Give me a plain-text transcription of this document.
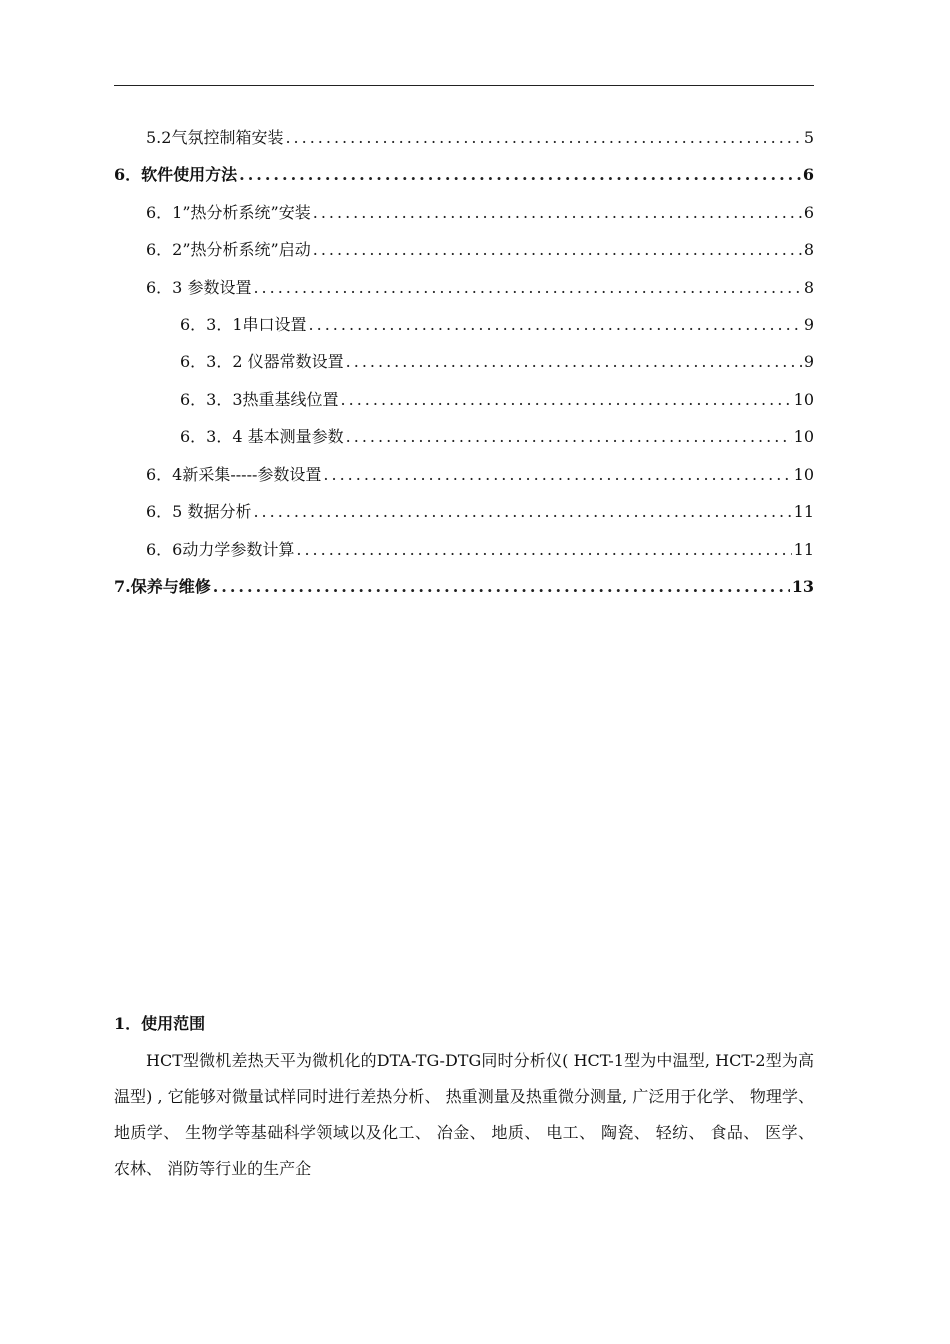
5.2气氛控制箱安装 .....	5
6．软件使用方法 .....	6
6．1”热分析系统”安装 .....	6
6．2”热分析系统”启动 .....	8
6．3 参数设置 .....	8
6．3．1串口设置 .....	9
6．3．2 仪器常数设置 .....	9
6．3．3热重基线位置 .....	10
6．3．4 基本测量参数 .....	10
6．4新采集-----参数设置 .....	10
6．5 数据分析 .....	11
6．6动力学参数计算 .....	11
7.保养与维修 .....	13
1．使用范围

HCT型微机差热天平为微机化的DTA-TG-DTG同时分析仪( HCT-1型为中温型, HCT-2型为高温型) , 它能够对微量试样同时进行差热分析、 热重测量及热重微分测量, 广泛用于化学、 物理学、 地质学、 生物学等基础科学领域以及化工、 冶金、 地质、 电工、 陶瓷、 轻纺、 食品、 医学、 农林、 消防等行业的生产企
